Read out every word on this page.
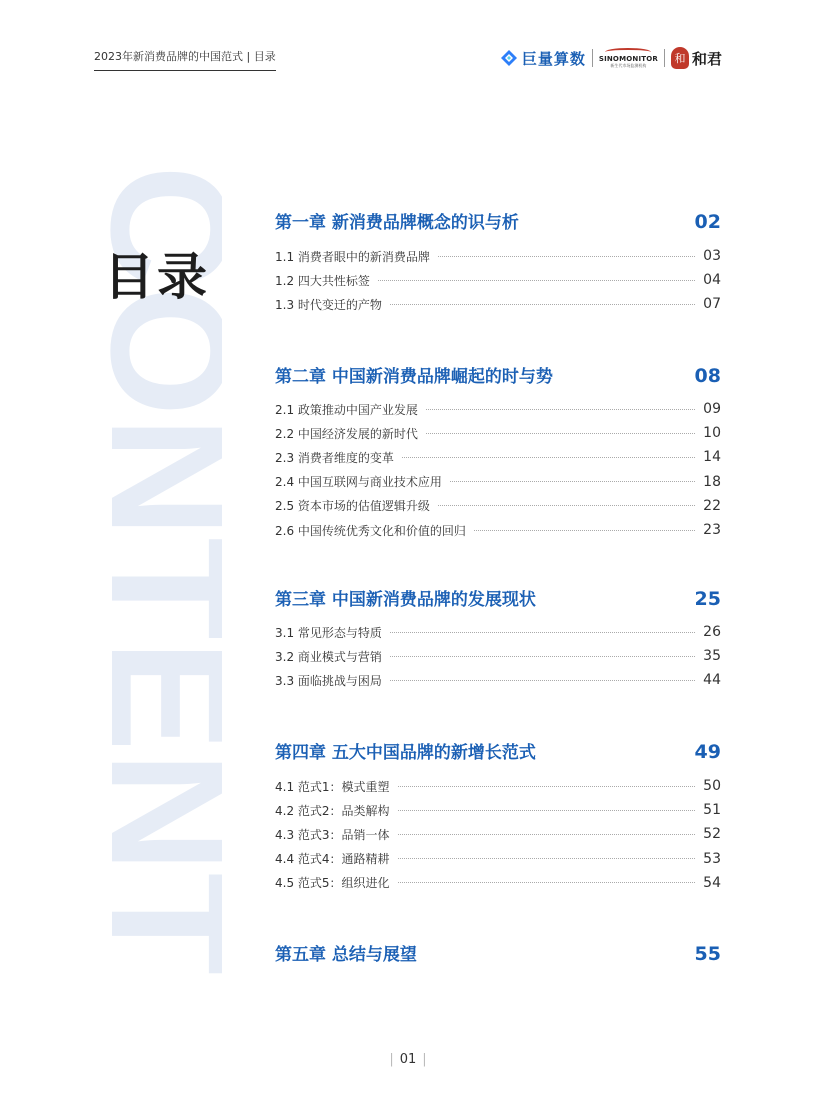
2023年新消费品牌的中国范式 | 目录	巨量算数 SINOMONITOR
新生代市场监测机构
和 和君
CONTENT
目录
第一章 新消费品牌概念的识与析	02
1.1 消费者眼中的新消费品牌	03
1.2 四大共性标签	04
1.3 时代变迁的产物	07
第二章 中国新消费品牌崛起的时与势	08
2.1 政策推动中国产业发展	09
2.2 中国经济发展的新时代	10
2.3 消费者维度的变革	14
2.4 中国互联网与商业技术应用	18
2.5 资本市场的估值逻辑升级	22
2.6 中国传统优秀文化和价值的回归	23
第三章 中国新消费品牌的发展现状	25
3.1 常见形态与特质	26
3.2 商业模式与营销	35
3.3 面临挑战与困局	44
第四章 五大中国品牌的新增长范式	49
4.1 范式1：模式重塑	50
4.2 范式2：品类解构	51
4.3 范式3：品销一体	52
4.4 范式4：通路精耕	53
4.5 范式5：组织进化	54
第五章 总结与展望	55
| 01 |
